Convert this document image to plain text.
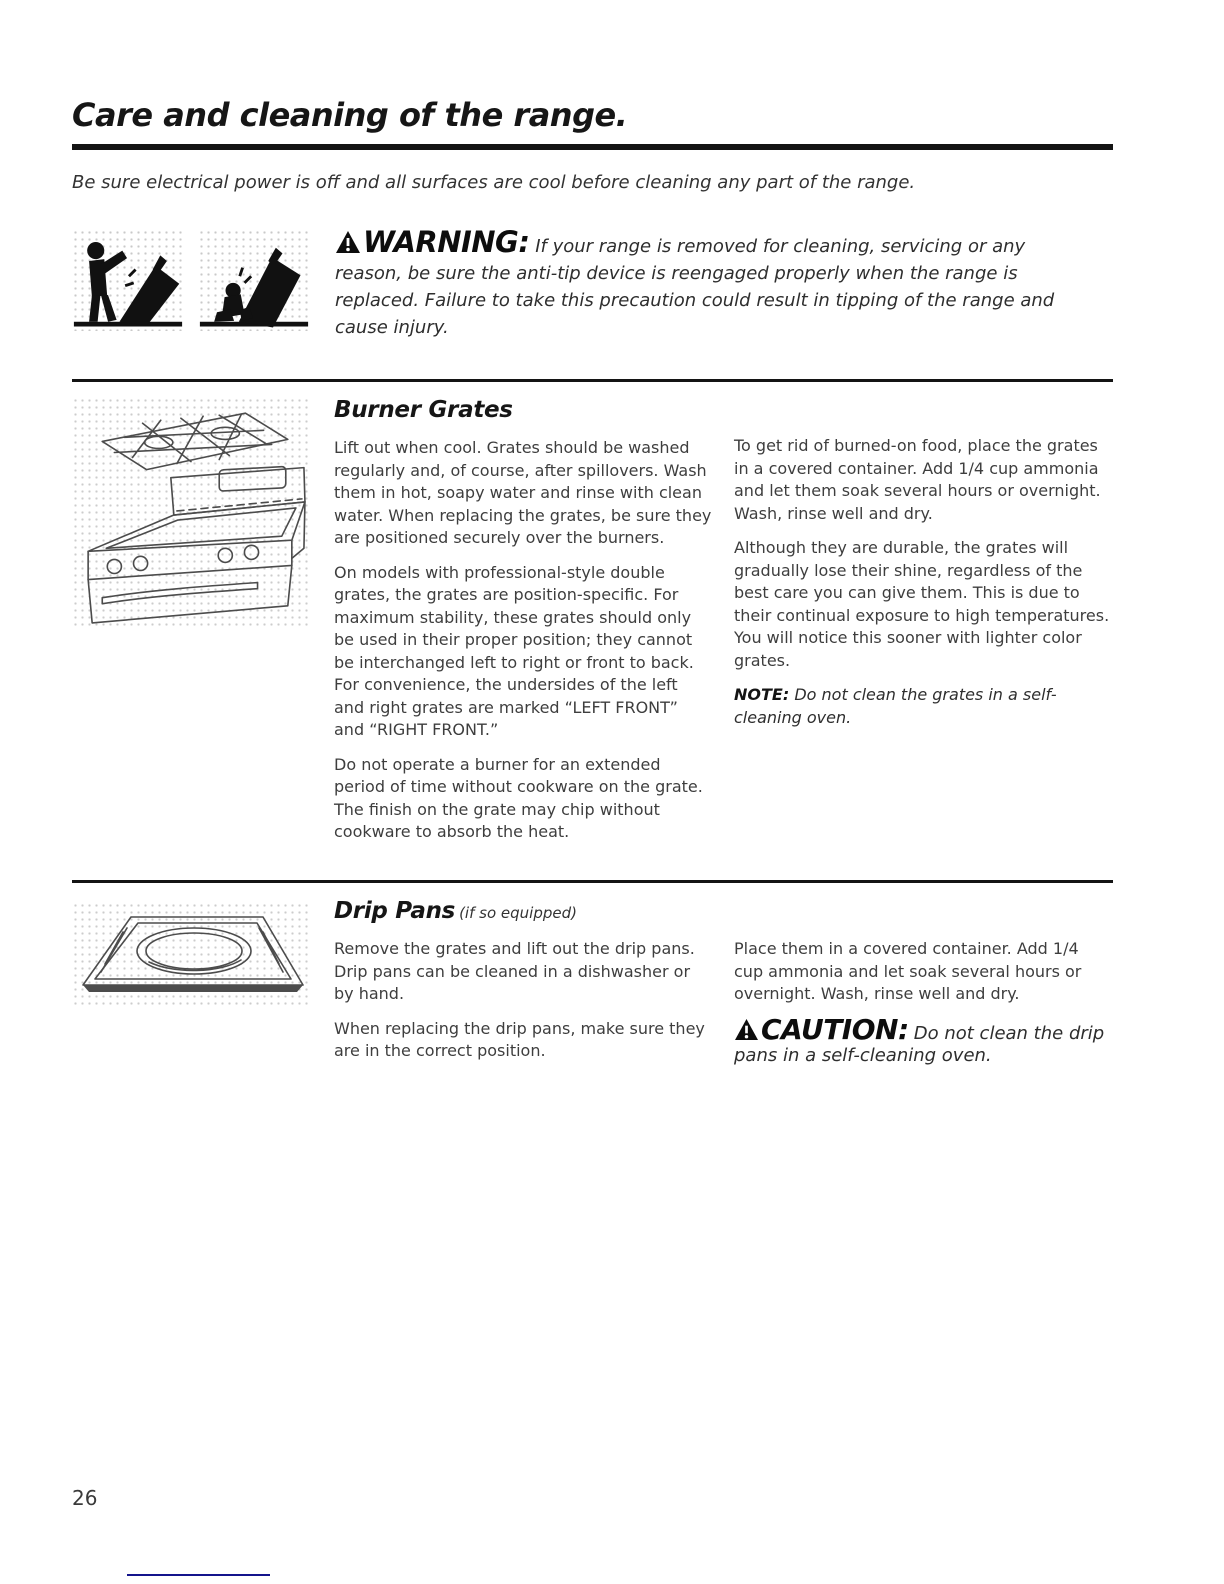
Care and cleaning of the range.

Be sure electrical power is off and all surfaces are cool before cleaning any part of the range.

WARNING: If your range is removed for cleaning, servicing or any reason, be sure the anti-tip device is reengaged properly when the range is replaced. Failure to take this precaution could result in tipping of the range and cause injury.

Burner Grates

Lift out when cool. Grates should be washed regularly and, of course, after spillovers. Wash them in hot, soapy water and rinse with clean water. When replacing the grates, be sure they are positioned securely over the burners.

On models with professional-style double grates, the grates are position-specific. For maximum stability, these grates should only be used in their proper position; they cannot be interchanged left to right or front to back. For convenience, the undersides of the left and right grates are marked “LEFT FRONT” and “RIGHT FRONT.”

Do not operate a burner for an extended period of time without cookware on the grate. The finish on the grate may chip without cookware to absorb the heat.

To get rid of burned-on food, place the grates in a covered container. Add 1/4 cup ammonia and let them soak several hours or overnight. Wash, rinse well and dry.

Although they are durable, the grates will gradually lose their shine, regardless of the best care you can give them. This is due to their continual exposure to high temperatures. You will notice this sooner with lighter color grates.

NOTE: Do not clean the grates in a self-cleaning oven.

Drip Pans (if so equipped)

Remove the grates and lift out the drip pans. Drip pans can be cleaned in a dishwasher or by hand.

When replacing the drip pans, make sure they are in the correct position.

Place them in a covered container. Add 1/4 cup ammonia and let soak several hours or overnight. Wash, rinse well and dry.

CAUTION: Do not clean the drip pans in a self-cleaning oven.

26
